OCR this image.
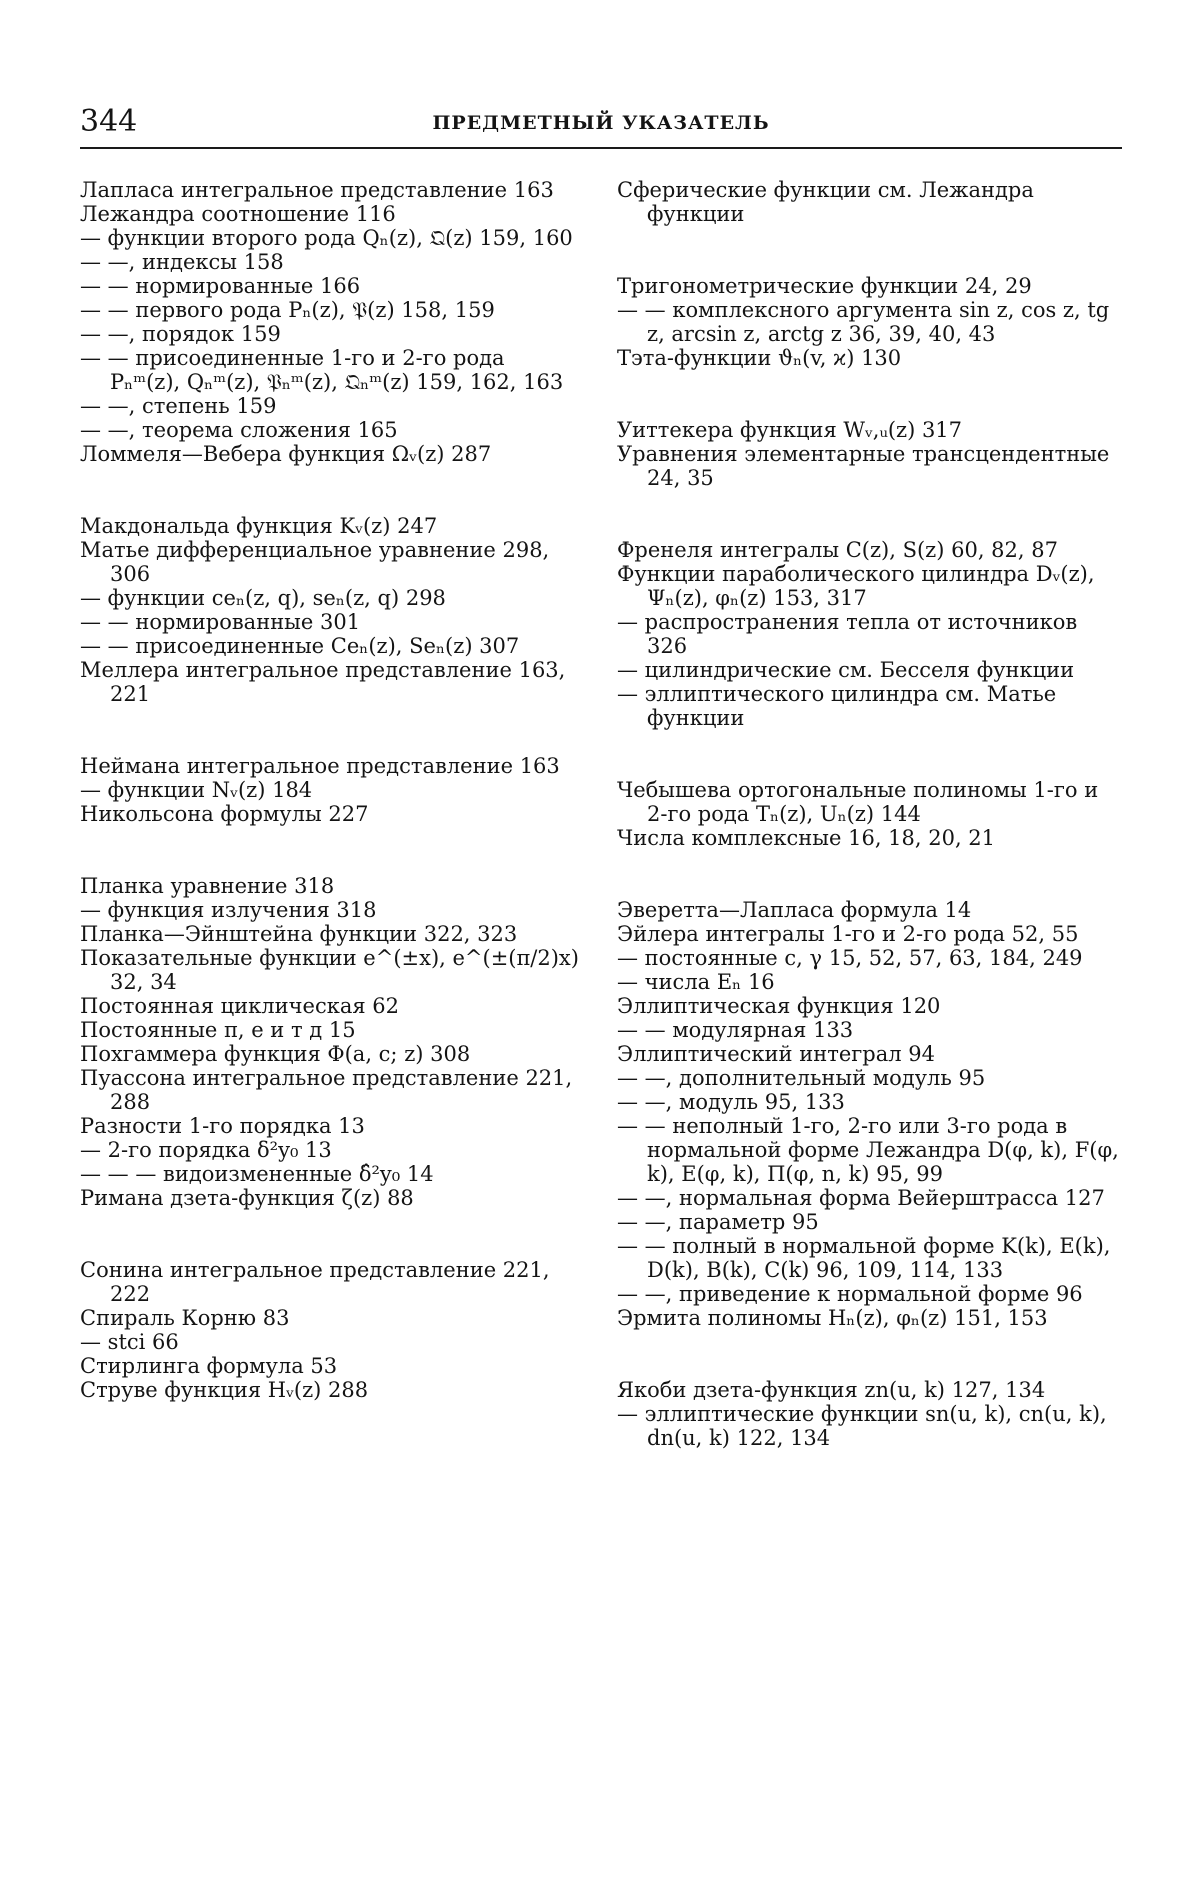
344	ПРЕДМЕТНЫЙ УКАЗАТЕЛЬ
Лапласа интегральное представление 163
Лежандра соотношение 116
— функции второго рода Qₙ(z), 𝔔(z) 159, 160
— —, индексы 158
— — нормированные 166
— — первого рода Pₙ(z), 𝔓(z) 158, 159
— —, порядок 159
— — присоединенные 1-го и 2-го рода Pₙᵐ(z), Qₙᵐ(z), 𝔓ₙᵐ(z), 𝔔ₙᵐ(z) 159, 162, 163
— —, степень 159
— —, теорема сложения 165
Ломмеля—Вебера функция Ωᵥ(z) 287
Макдональда функция Kᵥ(z) 247
Матье дифференциальное уравнение 298, 306
— функции ceₙ(z, q), seₙ(z, q) 298
— — нормированные 301
— — присоединенные Ceₙ(z), Seₙ(z) 307
Меллера интегральное представление 163, 221
Неймана интегральное представление 163
— функции Nᵥ(z) 184
Никольсона формулы 227
Планка уравнение 318
— функция излучения 318
Планка—Эйнштейна функции 322, 323
Показательные функции e^(±x), e^(±(π/2)x) 32, 34
Постоянная циклическая 62
Постоянные π, e и т д 15
Похгаммера функция Φ(a, c; z) 308
Пуассона интегральное представление 221, 288
Разности 1-го порядка 13
— 2-го порядка δ²y₀ 13
— — — видоизмененные δ̂²y₀ 14
Римана дзета-функция ζ(z) 88
Сонина интегральное представление 221, 222
Спираль Корню 83
— stci 66
Стирлинга формула 53
Струве функция Hᵥ(z) 288
Сферические функции см. Лежандра функции
Тригонометрические функции 24, 29
— — комплексного аргумента sin z, cos z, tg z, arcsin z, arctg z 36, 39, 40, 43
Тэта-функции ϑₙ(v, ϰ) 130
Уиттекера функция Wᵥ,ᵤ(z) 317
Уравнения элементарные трансцендентные 24, 35
Френеля интегралы C(z), S(z) 60, 82, 87
Функции параболического цилиндра Dᵥ(z), Ψₙ(z), φₙ(z) 153, 317
— распространения тепла от источников 326
— цилиндрические см. Бесселя функции
— эллиптического цилиндра см. Матье функции
Чебышева ортогональные полиномы 1-го и 2-го рода Tₙ(z), Uₙ(z) 144
Числа комплексные 16, 18, 20, 21
Эверетта—Лапласа формула 14
Эйлера интегралы 1-го и 2-го рода 52, 55
— постоянные c, γ 15, 52, 57, 63, 184, 249
— числа Eₙ 16
Эллиптическая функция 120
— — модулярная 133
Эллиптический интеграл 94
— —, дополнительный модуль 95
— —, модуль 95, 133
— — неполный 1-го, 2-го или 3-го рода в нормальной форме Лежандра D(φ, k), F(φ, k), E(φ, k), Π(φ, n, k) 95, 99
— —, нормальная форма Вейерштрасса 127
— —, параметр 95
— — полный в нормальной форме K(k), E(k), D(k), B(k), C(k) 96, 109, 114, 133
— —, приведение к нормальной форме 96
Эрмита полиномы Hₙ(z), φₙ(z) 151, 153
Якоби дзета-функция zn(u, k) 127, 134
— эллиптические функции sn(u, k), cn(u, k), dn(u, k) 122, 134
